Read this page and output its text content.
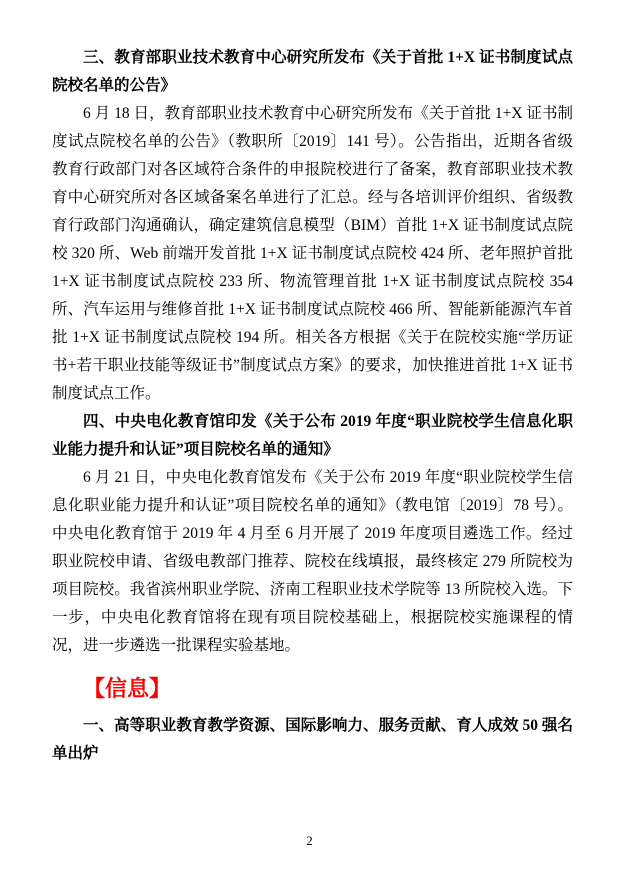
三、教育部职业技术教育中心研究所发布《关于首批 1+X 证书制度试点院校名单的公告》

6 月 18 日，教育部职业技术教育中心研究所发布《关于首批 1+X 证书制度试点院校名单的公告》（教职所〔2019〕141 号）。公告指出，近期各省级教育行政部门对各区域符合条件的申报院校进行了备案，教育部职业技术教育中心研究所对各区域备案名单进行了汇总。经与各培训评价组织、省级教育行政部门沟通确认，确定建筑信息模型（BIM）首批 1+X 证书制度试点院校 320 所、Web 前端开发首批 1+X 证书制度试点院校 424 所、老年照护首批 1+X 证书制度试点院校 233 所、物流管理首批 1+X 证书制度试点院校 354 所、汽车运用与维修首批 1+X 证书制度试点院校 466 所、智能新能源汽车首批 1+X 证书制度试点院校 194 所。相关各方根据《关于在院校实施“学历证书+若干职业技能等级证书”制度试点方案》的要求，加快推进首批 1+X 证书制度试点工作。

四、中央电化教育馆印发《关于公布 2019 年度“职业院校学生信息化职业能力提升和认证”项目院校名单的通知》

6 月 21 日，中央电化教育馆发布《关于公布 2019 年度“职业院校学生信息化职业能力提升和认证”项目院校名单的通知》（教电馆〔2019〕78 号）。中央电化教育馆于 2019 年 4 月至 6 月开展了 2019 年度项目遴选工作。经过职业院校申请、省级电教部门推荐、院校在线填报，最终核定 279 所院校为项目院校。我省滨州职业学院、济南工程职业技术学院等 13 所院校入选。下一步，中央电化教育馆将在现有项目院校基础上，根据院校实施课程的情况，进一步遴选一批课程实验基地。

【信息】
一、高等职业教育教学资源、国际影响力、服务贡献、育人成效 50 强名单出炉
2
